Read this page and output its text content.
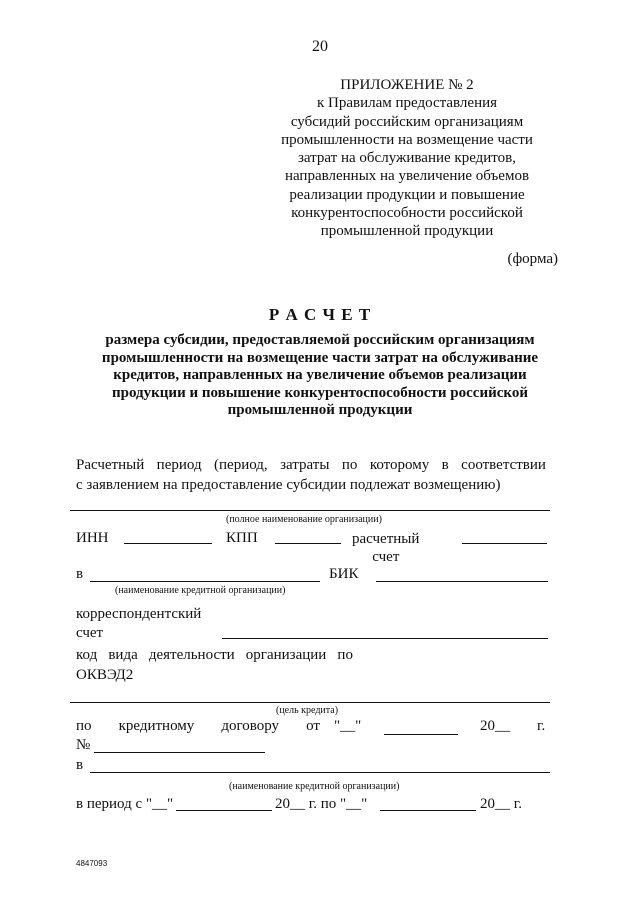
20
ПРИЛОЖЕНИЕ № 2
к Правилам предоставления
субсидий российским организациям
промышленности на возмещение части
затрат на обслуживание кредитов,
направленных на увеличение объемов
реализации продукции и повышение
конкурентоспособности российской
промышленной продукции
(форма)
Р А С Ч Е Т
размера субсидии, предоставляемой российским организациям
промышленности на возмещение части затрат на обслуживание
кредитов, направленных на увеличение объемов реализации
продукции и повышение конкурентоспособности российской
промышленной продукции
Расчетный период (период, затраты по которому в соответствии
с заявлением на предоставление субсидии подлежат возмещению)
(полное наименование организации)
ИНН	КПП	расчетный
счет
в	БИК
(наименование кредитной организации)
корреспондентский
счет
код вида деятельности организации по
ОКВЭД2
(цель кредита)
по кредитному договору от "__"	20__ г.
№
в
(наименование кредитной организации)
в период с "__"	20__ г. по "__"	20__ г.
4847093
